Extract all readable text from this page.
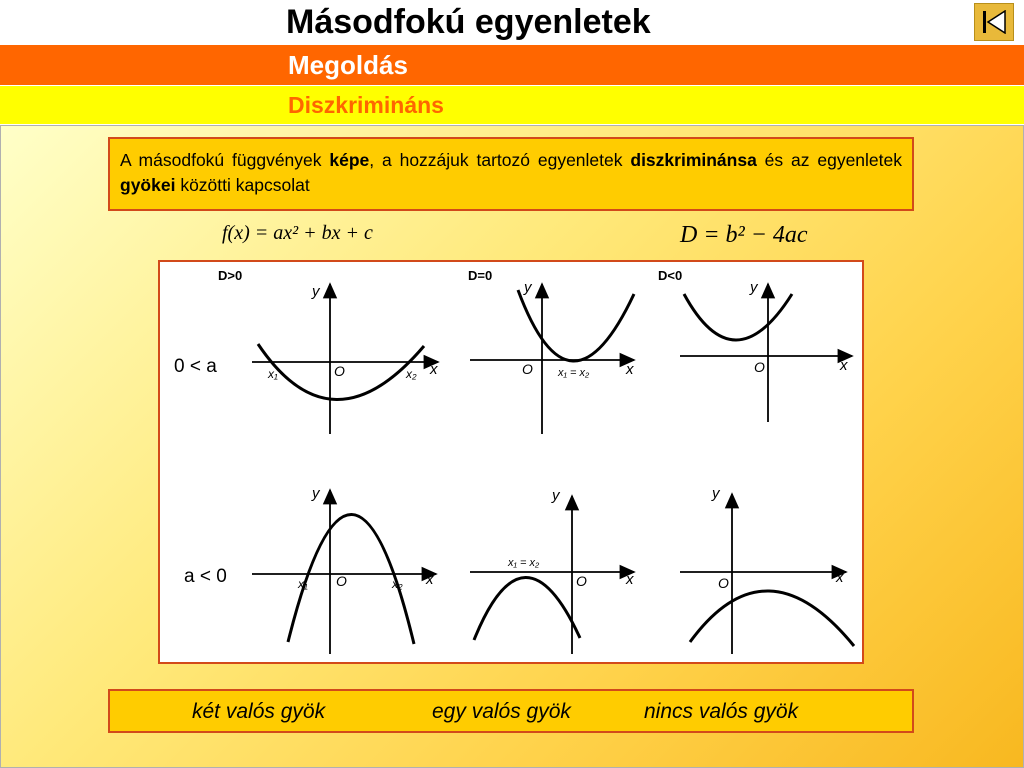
Másodfokú egyenletek
Megoldás
Diszkrimináns
A másodfokú függvények képe, a hozzájuk tartozó egyenletek diszkriminánsa és az egyenletek gyökei közötti kapcsolat
f(x) = ax² + bx + c	D = b² − 4ac
D>0	D=0	D<0
0 < a
a < 0
y
x
O
x₁	x₂
y
x
O x₁ = x₂
y
x
O
y
x
O
x₁	x₂
y
x
O
x₁ = x₂
y
x
O
két valós gyök	egy valós gyök	nincs valós gyök
